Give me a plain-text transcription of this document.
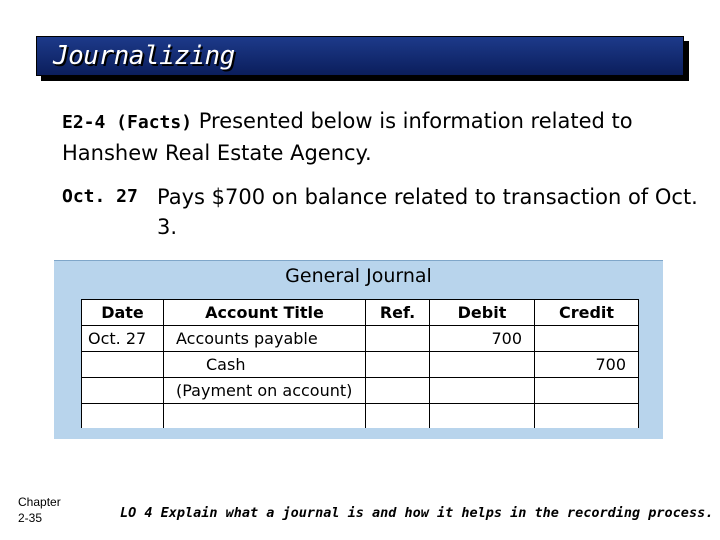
Journalizing
E2-4 (Facts) Presented below is information related to Hanshew Real Estate Agency.
Oct. 27 Pays $700 on balance related to transaction of Oct. 3.
General Journal
Date	Account Title	Ref.	Debit	Credit
Oct. 27	Accounts payable		700	
	Cash			700
	(Payment on account)			

Chapter
2-35	LO 4 Explain what a journal is and how it helps in the recording process.
